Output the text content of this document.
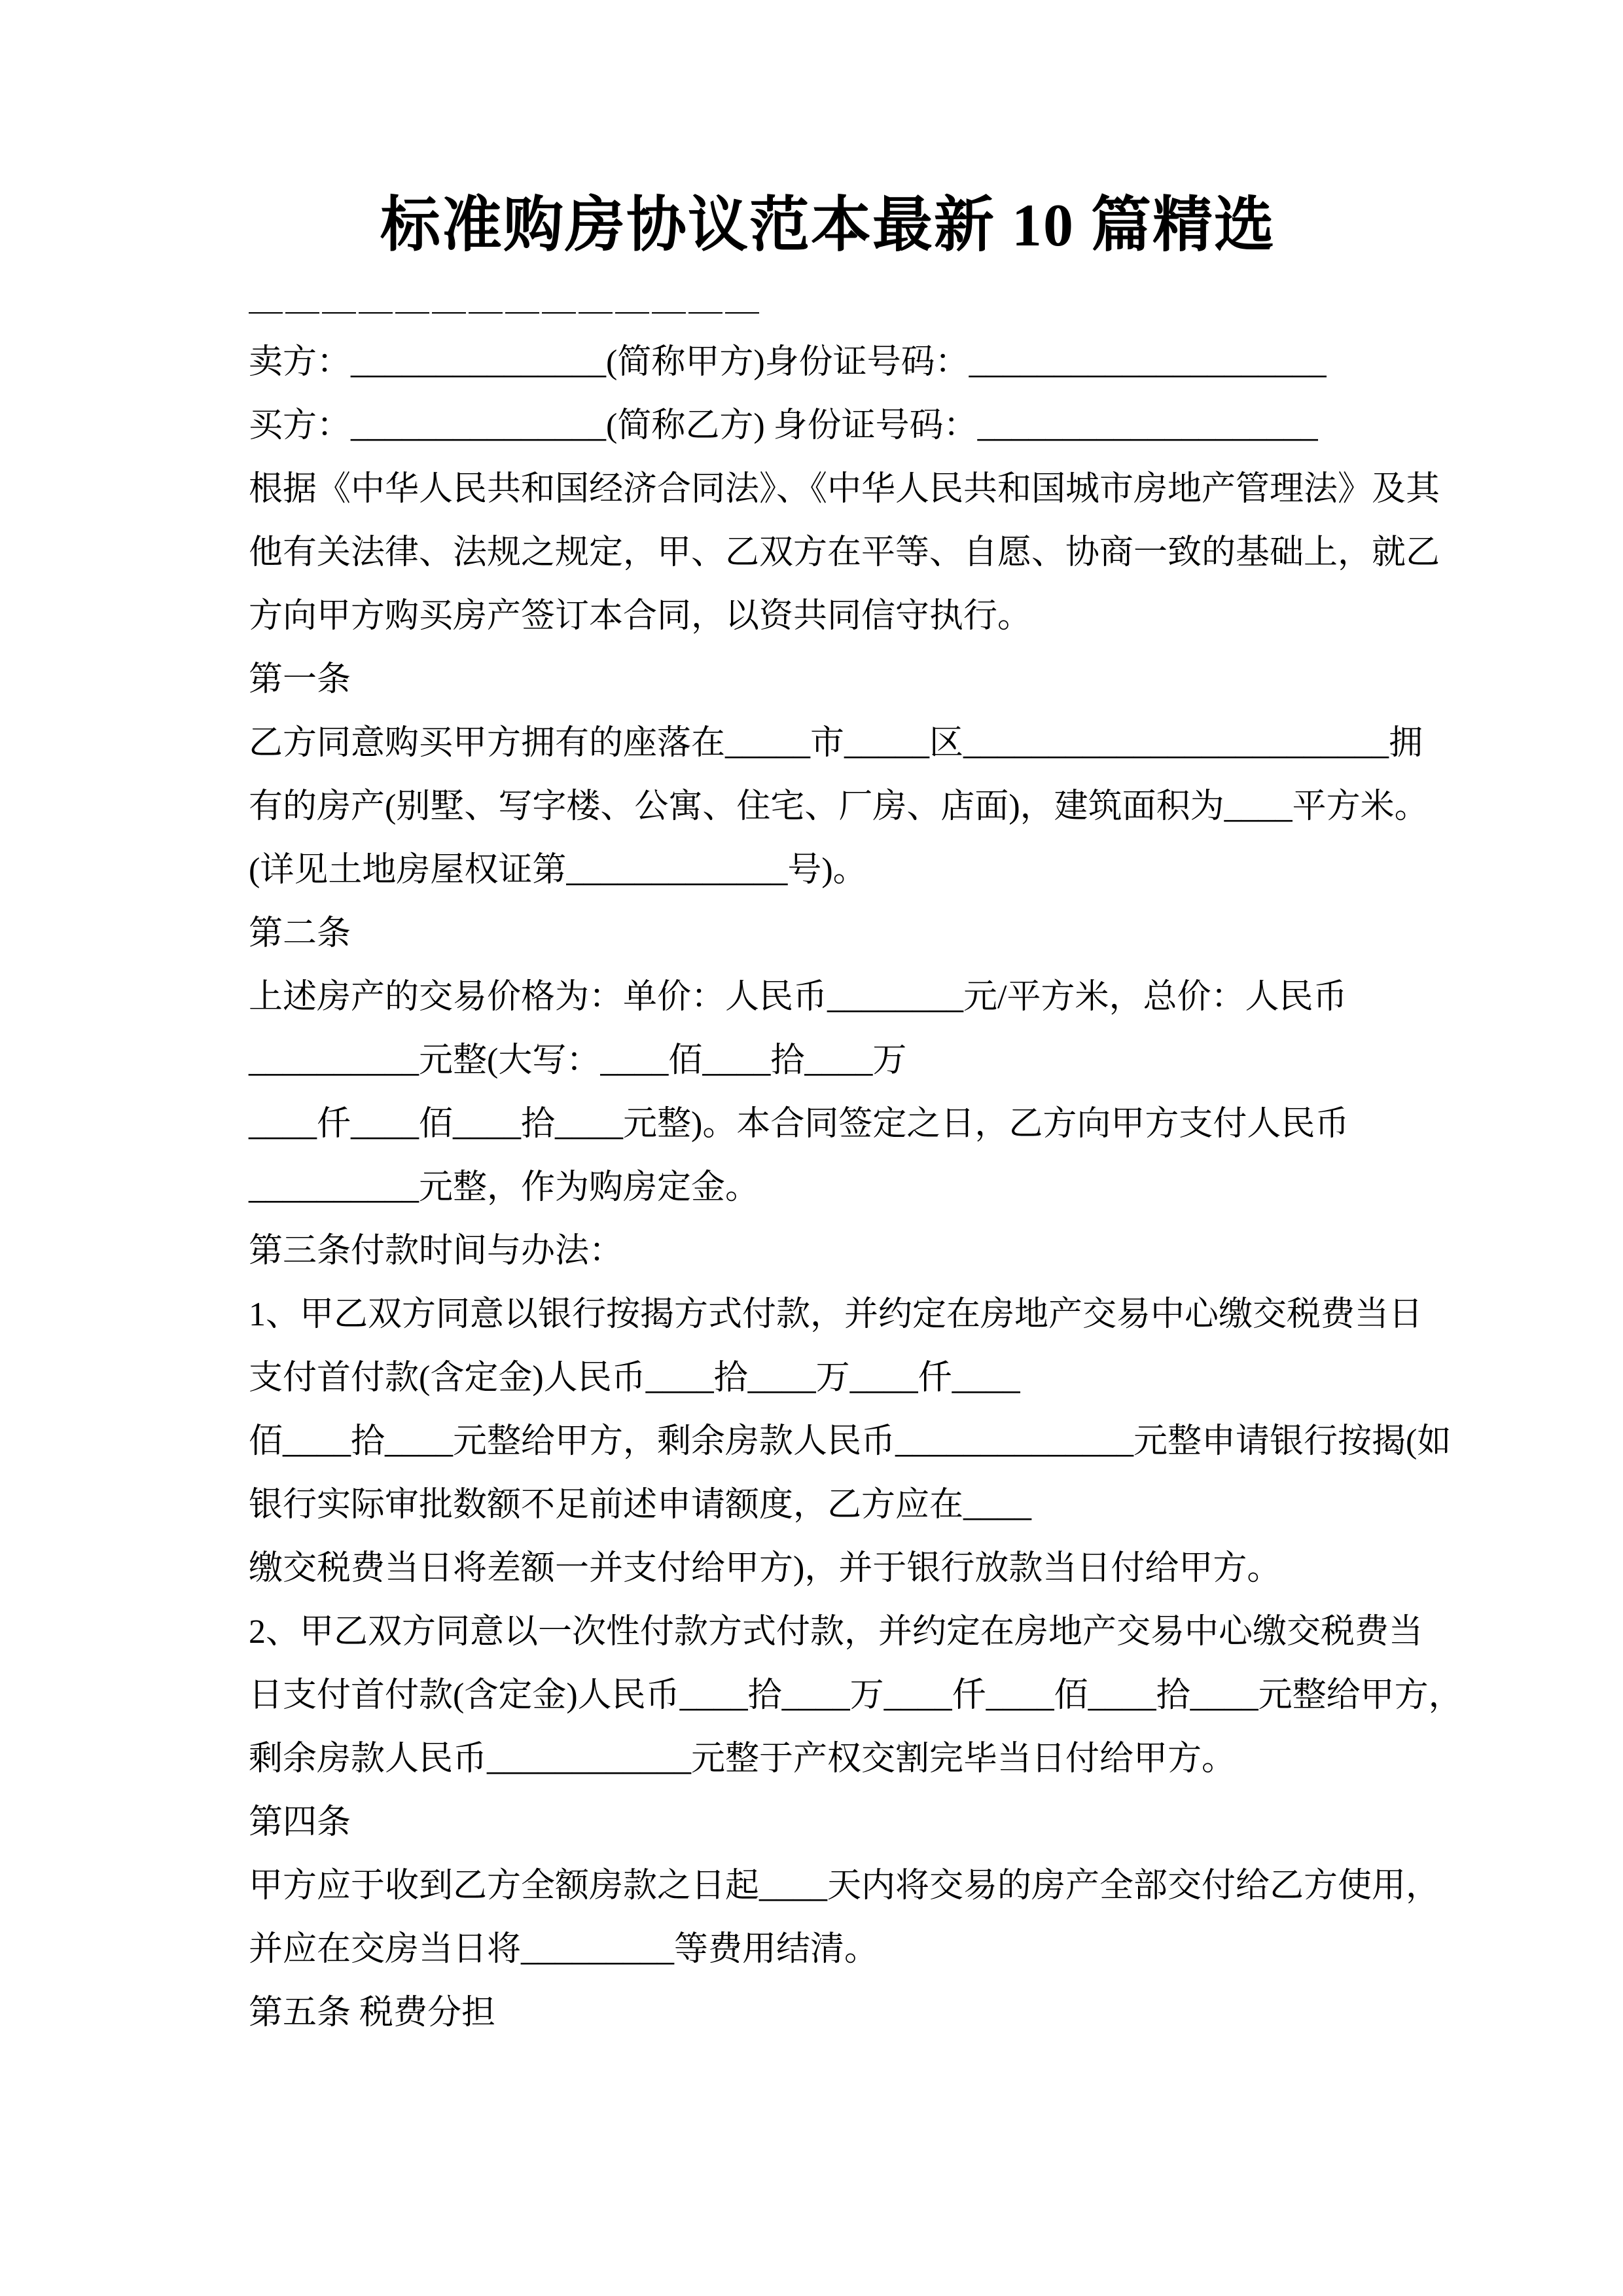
标准购房协议范本最新 10 篇精选

＿＿＿＿＿＿＿＿＿＿＿＿＿＿

卖方：_______________(简称甲方)身份证号码：_____________________

买方：_______________(简称乙方) 身份证号码：____________________

根据《中华人民共和国经济合同法》、《中华人民共和国城市房地产管理法》及其

他有关法律、法规之规定，甲、乙双方在平等、自愿、协商一致的基础上，就乙

方向甲方购买房产签订本合同，以资共同信守执行。

第一条

乙方同意购买甲方拥有的座落在_____市_____区_________________________拥

有的房产(别墅、写字楼、公寓、住宅、厂房、店面)，建筑面积为____平方米。

(详见土地房屋权证第_____________号)。

第二条

上述房产的交易价格为：单价：人民币________元/平方米，总价：人民币

__________元整(大写：____佰____拾____万

____仟____佰____拾____元整)。本合同签定之日，乙方向甲方支付人民币

__________元整，作为购房定金。

第三条付款时间与办法：

1、甲乙双方同意以银行按揭方式付款，并约定在房地产交易中心缴交税费当日

支付首付款(含定金)人民币____拾____万____仟____

佰____拾____元整给甲方，剩余房款人民币______________元整申请银行按揭(如

银行实际审批数额不足前述申请额度，乙方应在____

缴交税费当日将差额一并支付给甲方)，并于银行放款当日付给甲方。

2、甲乙双方同意以一次性付款方式付款，并约定在房地产交易中心缴交税费当

日支付首付款(含定金)人民币____拾____万____仟____佰____拾____元整给甲方，

剩余房款人民币____________元整于产权交割完毕当日付给甲方。

第四条

甲方应于收到乙方全额房款之日起____天内将交易的房产全部交付给乙方使用，

并应在交房当日将_________等费用结清。

第五条 税费分担
